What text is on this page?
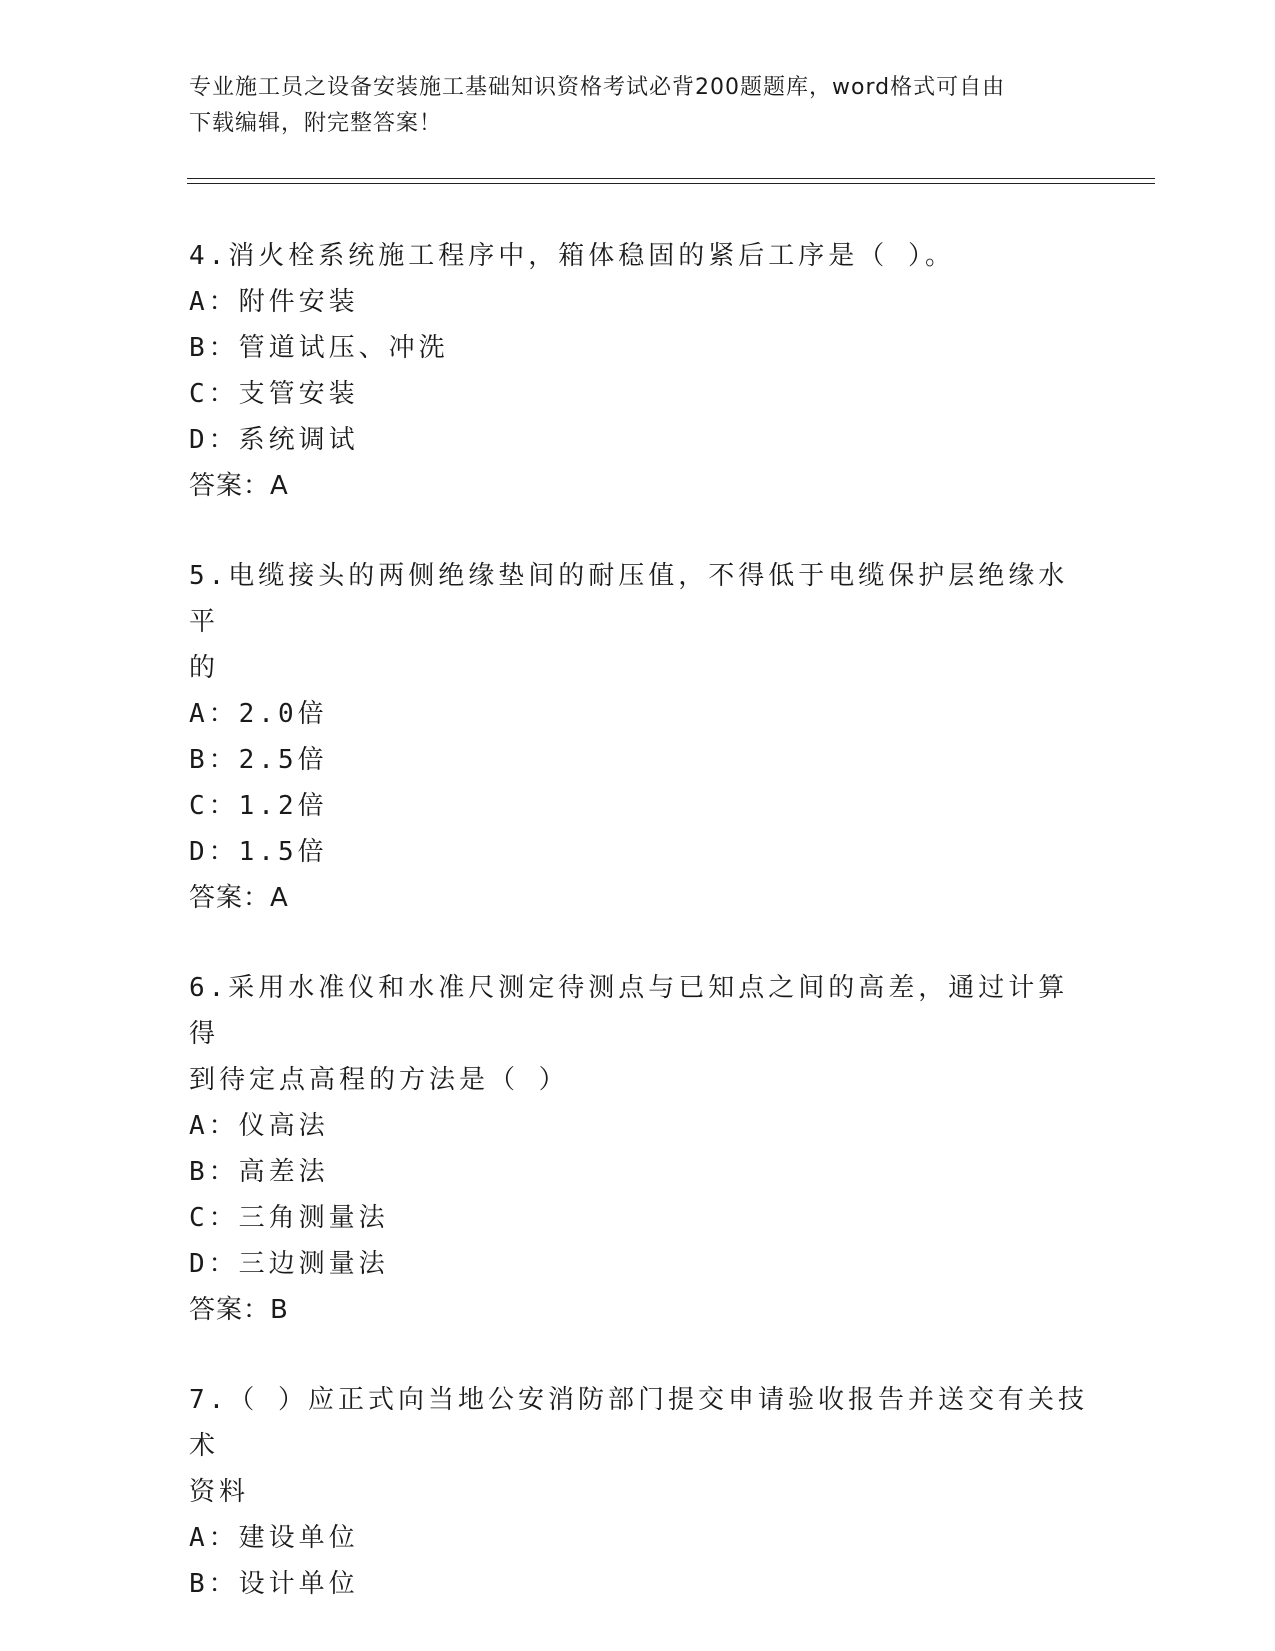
专业施工员之设备安装施工基础知识资格考试必背200题题库，word格式可自由
下载编辑，附完整答案！
4.消火栓系统施工程序中，箱体稳固的紧后工序是（ ）。
A：附件安装
B：管道试压、冲洗
C：支管安装
D：系统调试
答案：A
5.电缆接头的两侧绝缘垫间的耐压值，不得低于电缆保护层绝缘水平
的
A：2.0倍
B：2.5倍
C：1.2倍
D：1.5倍
答案：A
6.采用水准仪和水准尺测定待测点与已知点之间的高差，通过计算得
到待定点高程的方法是（ ）
A：仪高法
B：高差法
C：三角测量法
D：三边测量法
答案：B
7.（ ）应正式向当地公安消防部门提交申请验收报告并送交有关技术
资料
A：建设单位
B：设计单位
